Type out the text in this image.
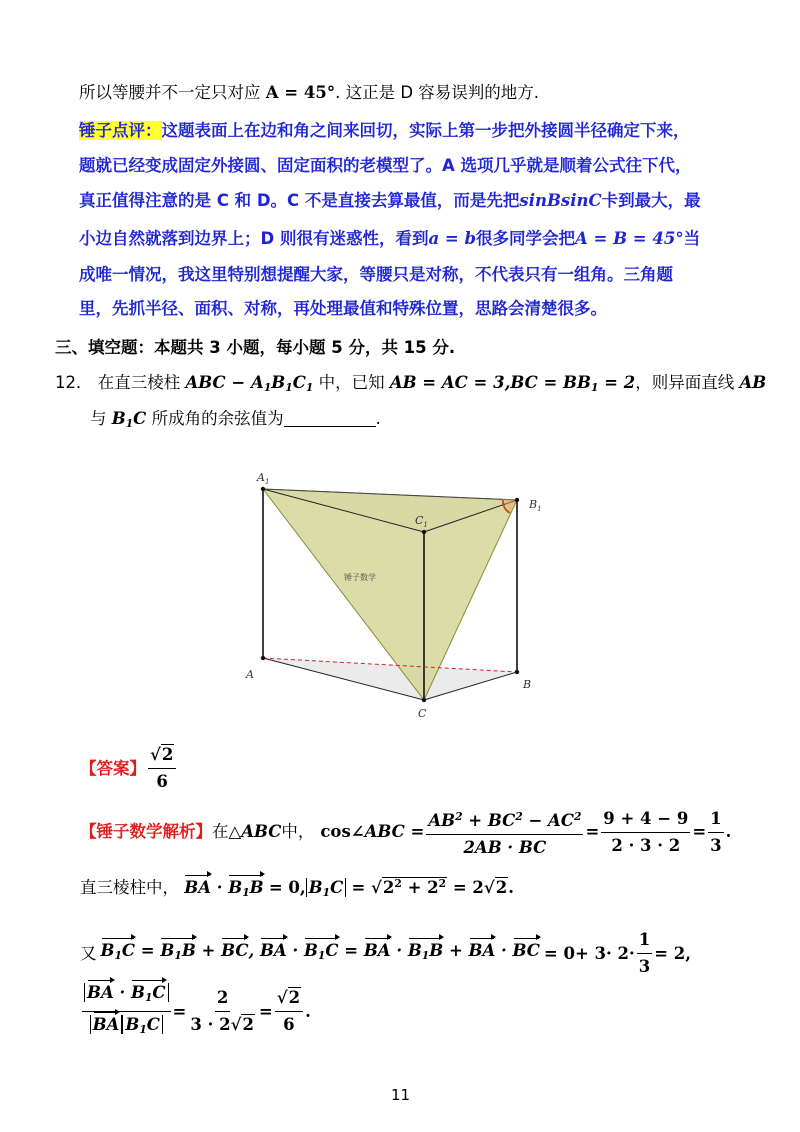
所以等腰并不一定只对应 A = 45°. 这正是 D 容易误判的地方.
锤子点评：这题表面上在边和角之间来回切，实际上第一步把外接圆半径确定下来，
题就已经变成固定外接圆、固定面积的老模型了。A 选项几乎就是顺着公式往下代，
真正值得注意的是 C 和 D。C 不是直接去算最值，而是先把sinBsinC卡到最大，最
小边自然就落到边界上；D 则很有迷惑性，看到a = b很多同学会把A = B = 45°当
成唯一情况，我这里特别想提醒大家，等腰只是对称，不代表只有一组角。三角题
里，先抓半径、面积、对称，再处理最值和特殊位置，思路会清楚很多。
三、填空题：本题共 3 小题，每小题 5 分，共 15 分.
12． 在直三棱柱 ABC − $A_1B_1C_1$ 中，已知 AB = AC = $3,BC = BB_1 = 2$，则异面直线 AB
与 $B_1C$ 所成角的余弦值为	.
$A_1$
$B_1$
$C_1$
A
B
C
锤子数学
【答案】 $\frac{√2}{6}$
【锤子数学解析】 在△ ABC 中， cos∠ABC = $\frac{AB^2 + BC^2 - AC^2}{2AB \cdot BC} = \frac{9 + 4 - 9}{2 \cdot 3 \cdot 2} = \frac{1}{3}$ .
直三棱柱中， BA · $B_1B = 0$, $B_1C = √2^2 + 2^2 = 2√2$.
又 $B_1C = B_1B$ + BC, BA · $B_1C$ = BA · $B_1B$ + BA · BC = $0+ 3\cdot 2\cdot \frac{1}{3} = 2$,
$\frac{BA \cdot B_1C}{BA B_1C} = \frac{2}{3 \cdot 2√2} = \frac{√2}{6}$ .
11
